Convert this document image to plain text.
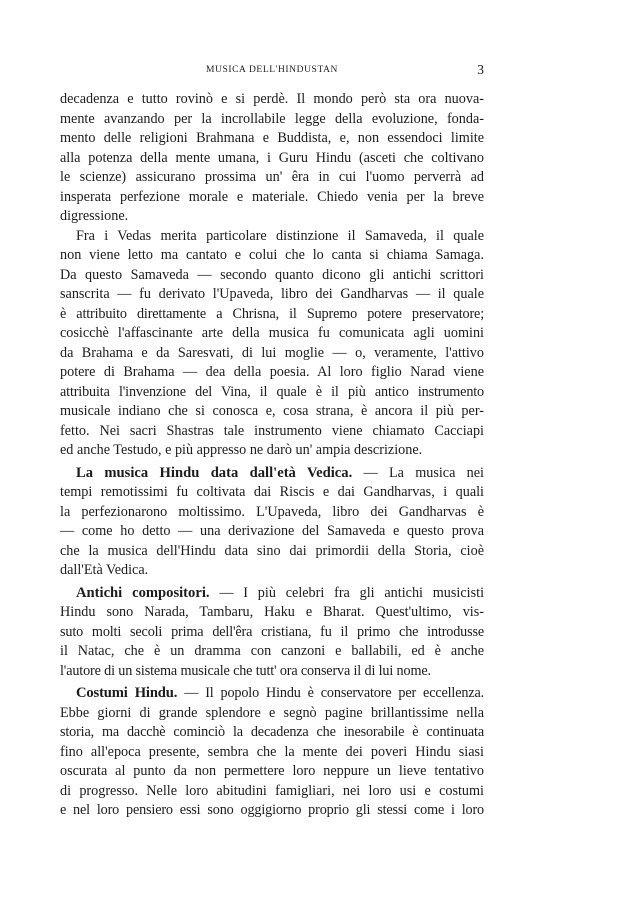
MUSICA DELL'HINDUSTAN	3
decadenza e tutto rovinò e si perdè. Il mondo però sta ora nuova-
mente avanzando per la incrollabile legge della evoluzione, fonda-
mento delle religioni Brahmana e Buddista, e, non essendoci limite
alla potenza della mente umana, i Guru Hindu (asceti che coltivano
le scienze) assicurano prossima un' êra in cui l'uomo perverrà ad
insperata perfezione morale e materiale. Chiedo venia per la breve
digressione.
Fra i Vedas merita particolare distinzione il Samaveda, il quale
non viene letto ma cantato e colui che lo canta si chiama Samaga.
Da questo Samaveda — secondo quanto dicono gli antichi scrittori
sanscrita — fu derivato l'Upaveda, libro dei Gandharvas — il quale
è attribuito direttamente a Chrisna, il Supremo potere preservatore;
cosicchè l'affascinante arte della musica fu comunicata agli uomini
da Brahama e da Saresvati, di lui moglie — o, veramente, l'attivo
potere di Brahama — dea della poesia. Al loro figlio Narad viene
attribuita l'invenzione del Vina, il quale è il più antico instrumento
musicale indiano che si conosca e, cosa strana, è ancora il più per-
fetto. Nei sacri Shastras tale instrumento viene chiamato Cacciapi
ed anche Testudo, e più appresso ne darò un' ampia descrizione.
La musica Hindu data dall'età Vedica. — La musica nei
tempi remotissimi fu coltivata dai Riscis e dai Gandharvas, i quali
la perfezionarono moltissimo. L'Upaveda, libro dei Gandharvas è
— come ho detto — una derivazione del Samaveda e questo prova
che la musica dell'Hindu data sino dai primordii della Storia, cioè
dall'Età Vedica.
Antichi compositori. — I più celebri fra gli antichi musicisti
Hindu sono Narada, Tambaru, Haku e Bharat. Quest'ultimo, vis-
suto molti secoli prima dell'êra cristiana, fu il primo che introdusse
il Natac, che è un dramma con canzoni e ballabili, ed è anche
l'autore di un sistema musicale che tutt' ora conserva il di lui nome.
Costumi Hindu. — Il popolo Hindu è conservatore per eccellenza.
Ebbe giorni di grande splendore e segnò pagine brillantissime nella
storia, ma dacchè cominciò la decadenza che inesorabile è continuata
fino all'epoca presente, sembra che la mente dei poveri Hindu siasi
oscurata al punto da non permettere loro neppure un lieve tentativo
di progresso. Nelle loro abitudini famigliari, nei loro usi e costumi
e nel loro pensiero essi sono oggigiorno proprio gli stessi come i loro
